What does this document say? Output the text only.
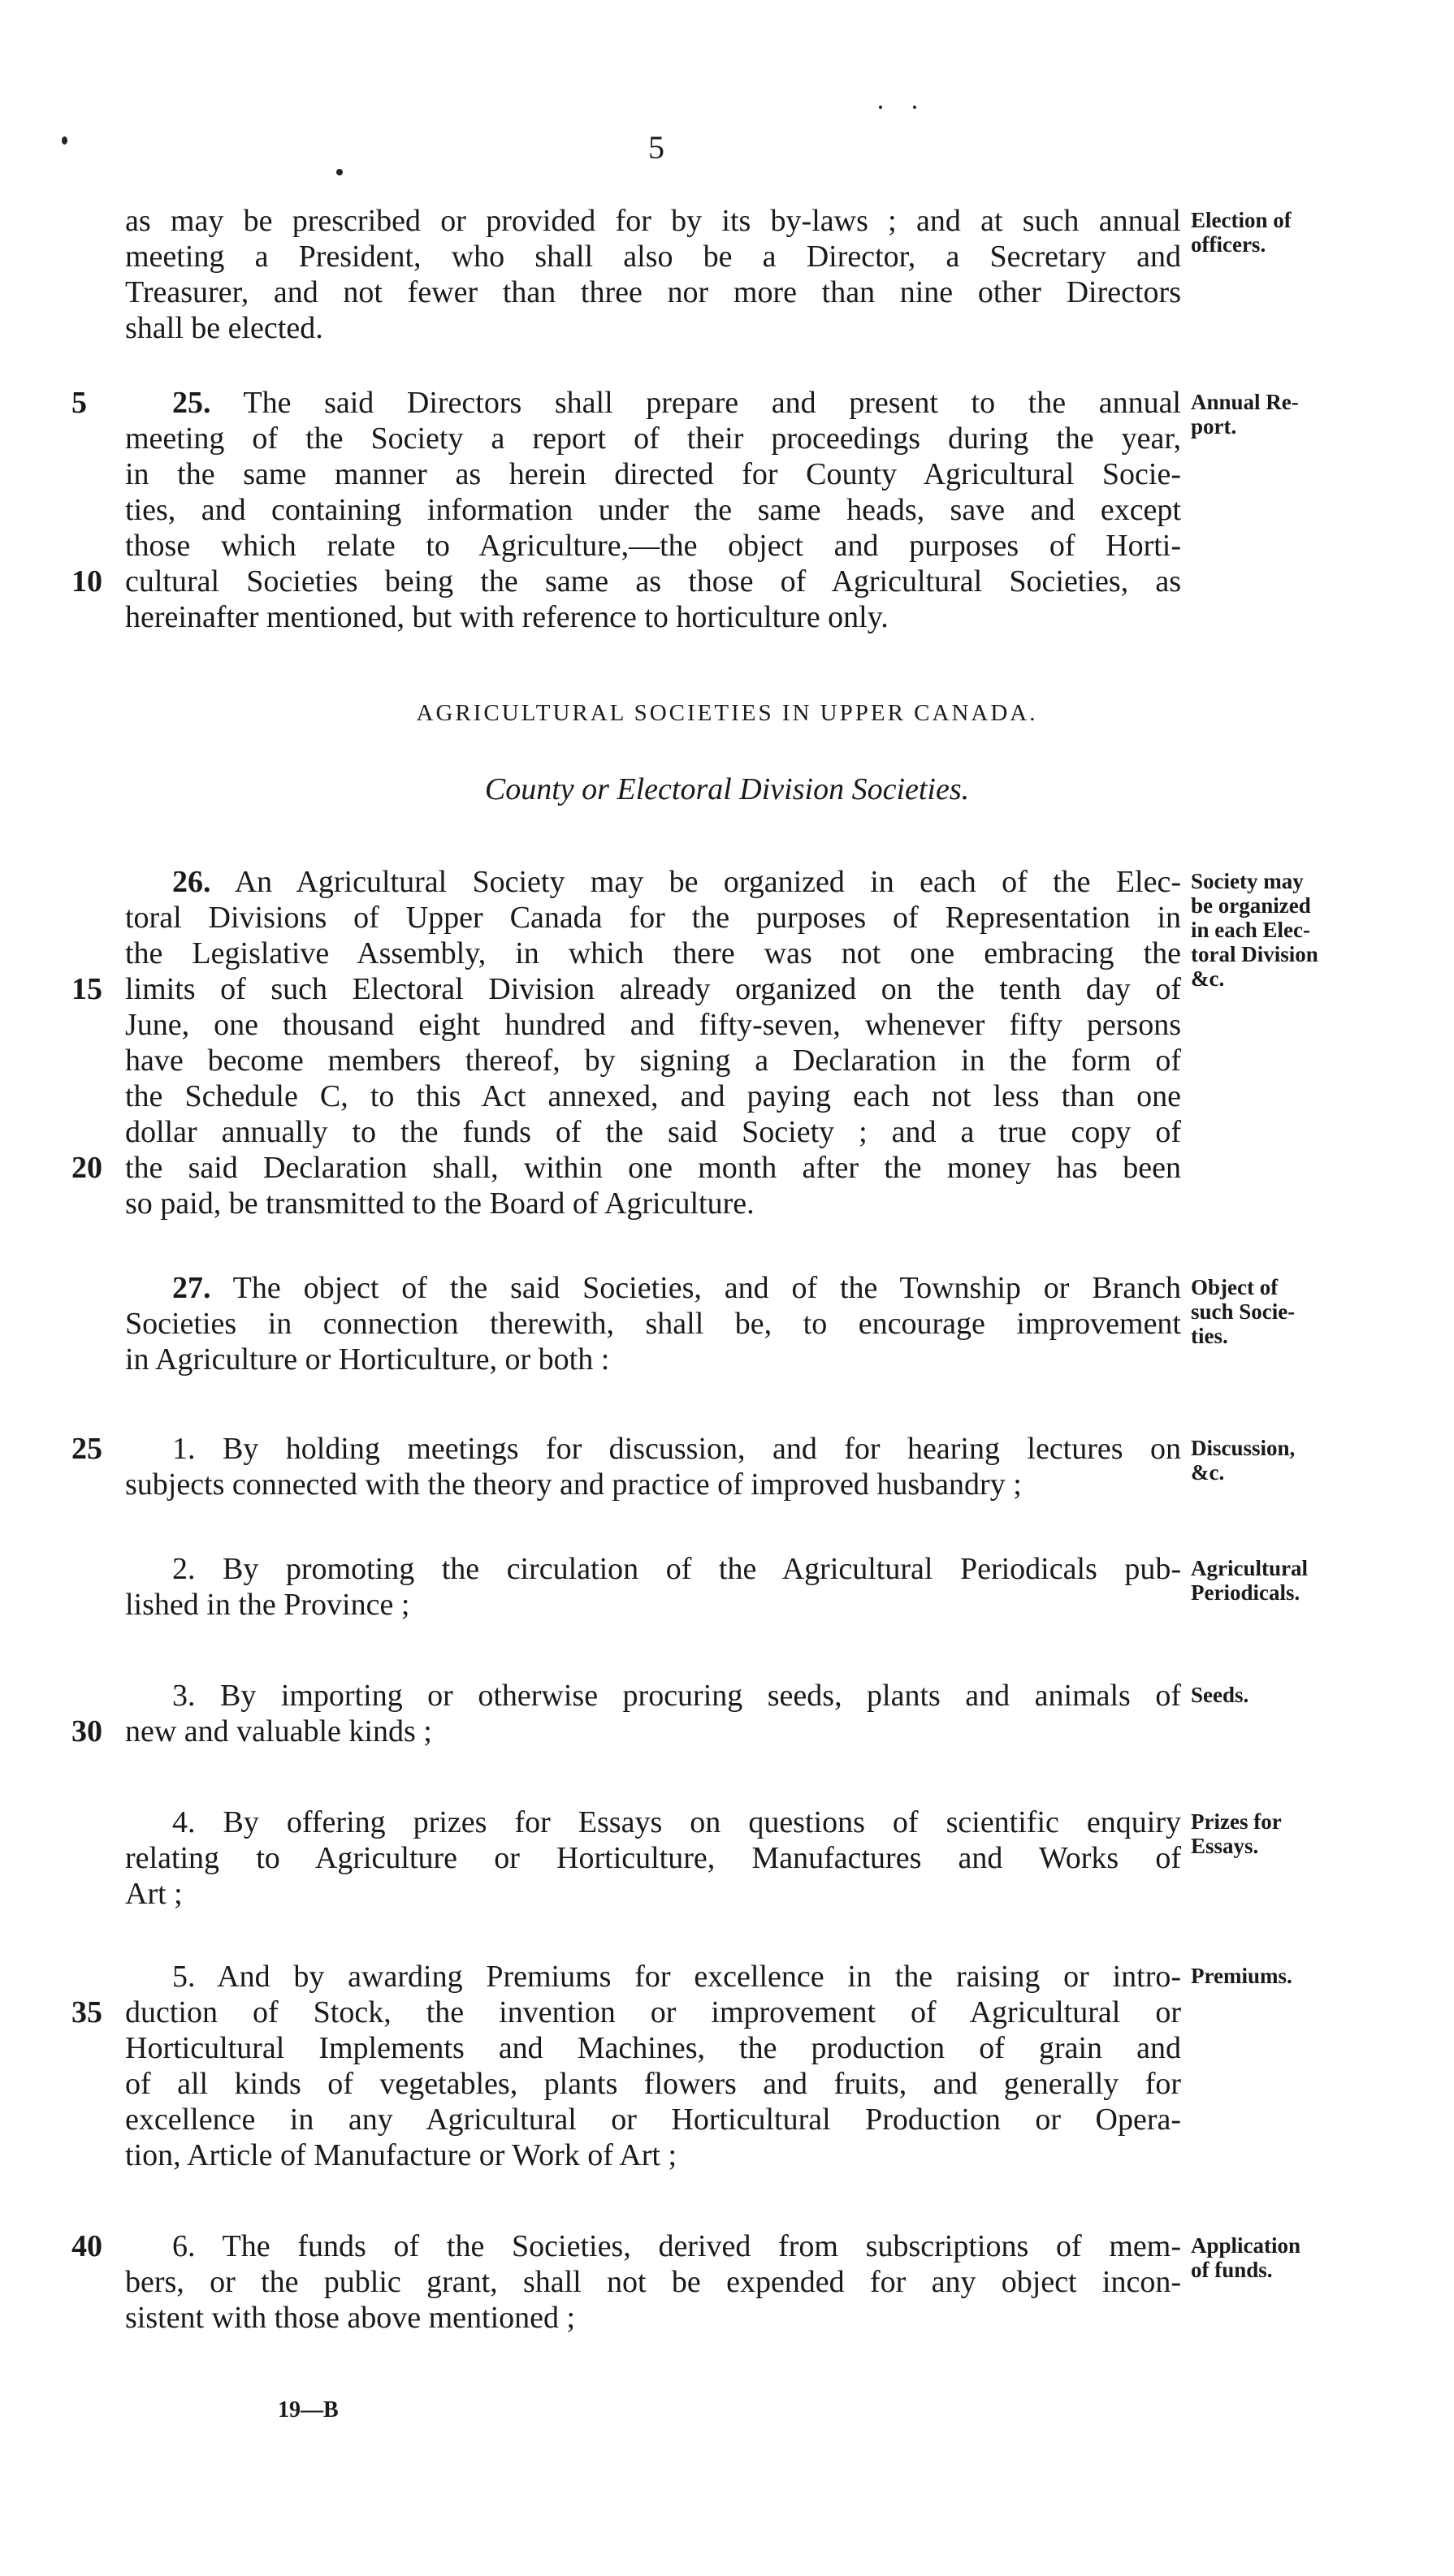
5
as may be prescribed or provided for by its by-laws ; and at such annual
meeting a President, who shall also be a Director, a Secretary and
Treasurer, and not fewer than three nor more than nine other Directors
shall be elected.
Election of
officers.
5	25. The said Directors shall prepare and present to the annual
meeting of the Society a report of their proceedings during the year,
in the same manner as herein directed for County Agricultural Socie-
ties, and containing information under the same heads, save and except
those which relate to Agriculture,—the object and purposes of Horti-
cultural Societies being the same as those of Agricultural Societies, as
hereinafter mentioned, but with reference to horticulture only.
Annual Re-
port.
10
AGRICULTURAL SOCIETIES IN UPPER CANADA.
County or Electoral Division Societies.
26. An Agricultural Society may be organized in each of the Elec-
toral Divisions of Upper Canada for the purposes of Representation in
the Legislative Assembly, in which there was not one embracing the
limits of such Electoral Division already organized on the tenth day of
June, one thousand eight hundred and fifty-seven, whenever fifty persons
have become members thereof, by signing a Declaration in the form of
the Schedule C, to this Act annexed, and paying each not less than one
dollar annually to the funds of the said Society ; and a true copy of
the said Declaration shall, within one month after the money has been
so paid, be transmitted to the Board of Agriculture.
Society may
be organized
in each Elec-
toral Division
&c.
15
20
27. The object of the said Societies, and of the Township or Branch
Societies in connection therewith, shall be, to encourage improvement
in Agriculture or Horticulture, or both :
Object of
such Socie-
ties.
25	1. By holding meetings for discussion, and for hearing lectures on
subjects connected with the theory and practice of improved husbandry ;
Discussion,
&c.
2. By promoting the circulation of the Agricultural Periodicals pub-
lished in the Province ;
Agricultural
Periodicals.
3. By importing or otherwise procuring seeds, plants and animals of
new and valuable kinds ;
Seeds.
30
4. By offering prizes for Essays on questions of scientific enquiry
relating to Agriculture or Horticulture, Manufactures and Works of
Art ;
Prizes for
Essays.
5. And by awarding Premiums for excellence in the raising or intro-
duction of Stock, the invention or improvement of Agricultural or
Horticultural Implements and Machines, the production of grain and
of all kinds of vegetables, plants flowers and fruits, and generally for
excellence in any Agricultural or Horticultural Production or Opera-
tion, Article of Manufacture or Work of Art ;
Premiums.
35
40	6. The funds of the Societies, derived from subscriptions of mem-
bers, or the public grant, shall not be expended for any object incon-
sistent with those above mentioned ;
Application
of funds.
19—B
